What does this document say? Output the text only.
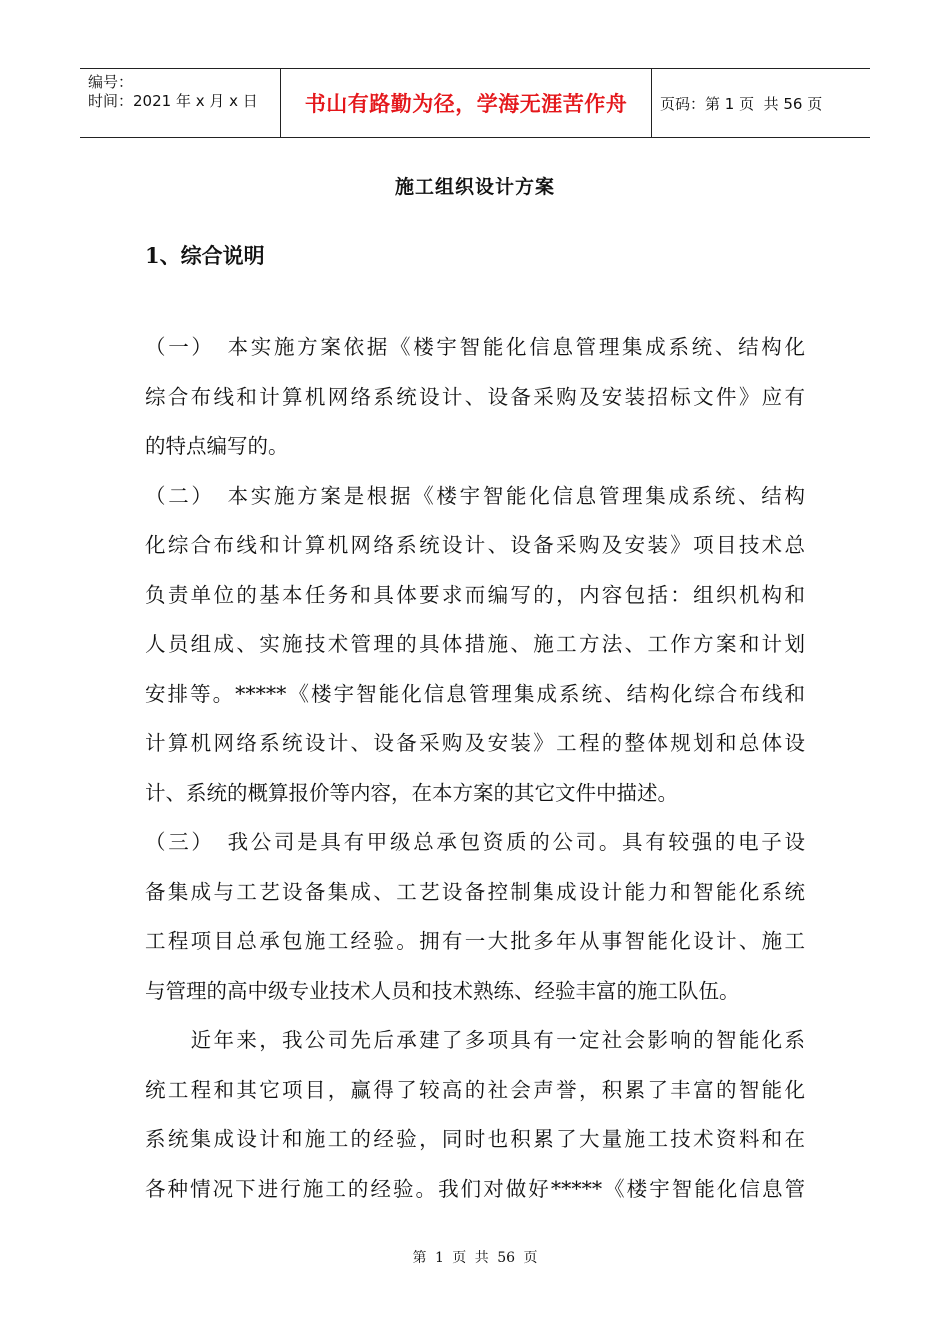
编号：
时间：2021 年 x 月 x 日 书山有路勤为径，学海无涯苦作舟 页码：第 1 页  共 56 页
施工组织设计方案
1、综合说明
（一）　本实施方案依据《楼宇智能化信息管理集成系统、结构化
综合布线和计算机网络系统设计、设备采购及安装招标文件》应有
的特点编写的。
（二）　本实施方案是根据《楼宇智能化信息管理集成系统、结构
化综合布线和计算机网络系统设计、设备采购及安装》项目技术总
负责单位的基本任务和具体要求而编写的，内容包括：组织机构和
人员组成、实施技术管理的具体措施、施工方法、工作方案和计划
安排等。*****《楼宇智能化信息管理集成系统、结构化综合布线和
计算机网络系统设计、设备采购及安装》工程的整体规划和总体设
计、系统的概算报价等内容，在本方案的其它文件中描述。
（三）　我公司是具有甲级总承包资质的公司。具有较强的电子设
备集成与工艺设备集成、工艺设备控制集成设计能力和智能化系统
工程项目总承包施工经验。拥有一大批多年从事智能化设计、施工
与管理的高中级专业技术人员和技术熟练、经验丰富的施工队伍。
　　近年来，我公司先后承建了多项具有一定社会影响的智能化系
统工程和其它项目，赢得了较高的社会声誉，积累了丰富的智能化
系统集成设计和施工的经验，同时也积累了大量施工技术资料和在
各种情况下进行施工的经验。我们对做好*****《楼宇智能化信息管
第 1 页 共 56 页
